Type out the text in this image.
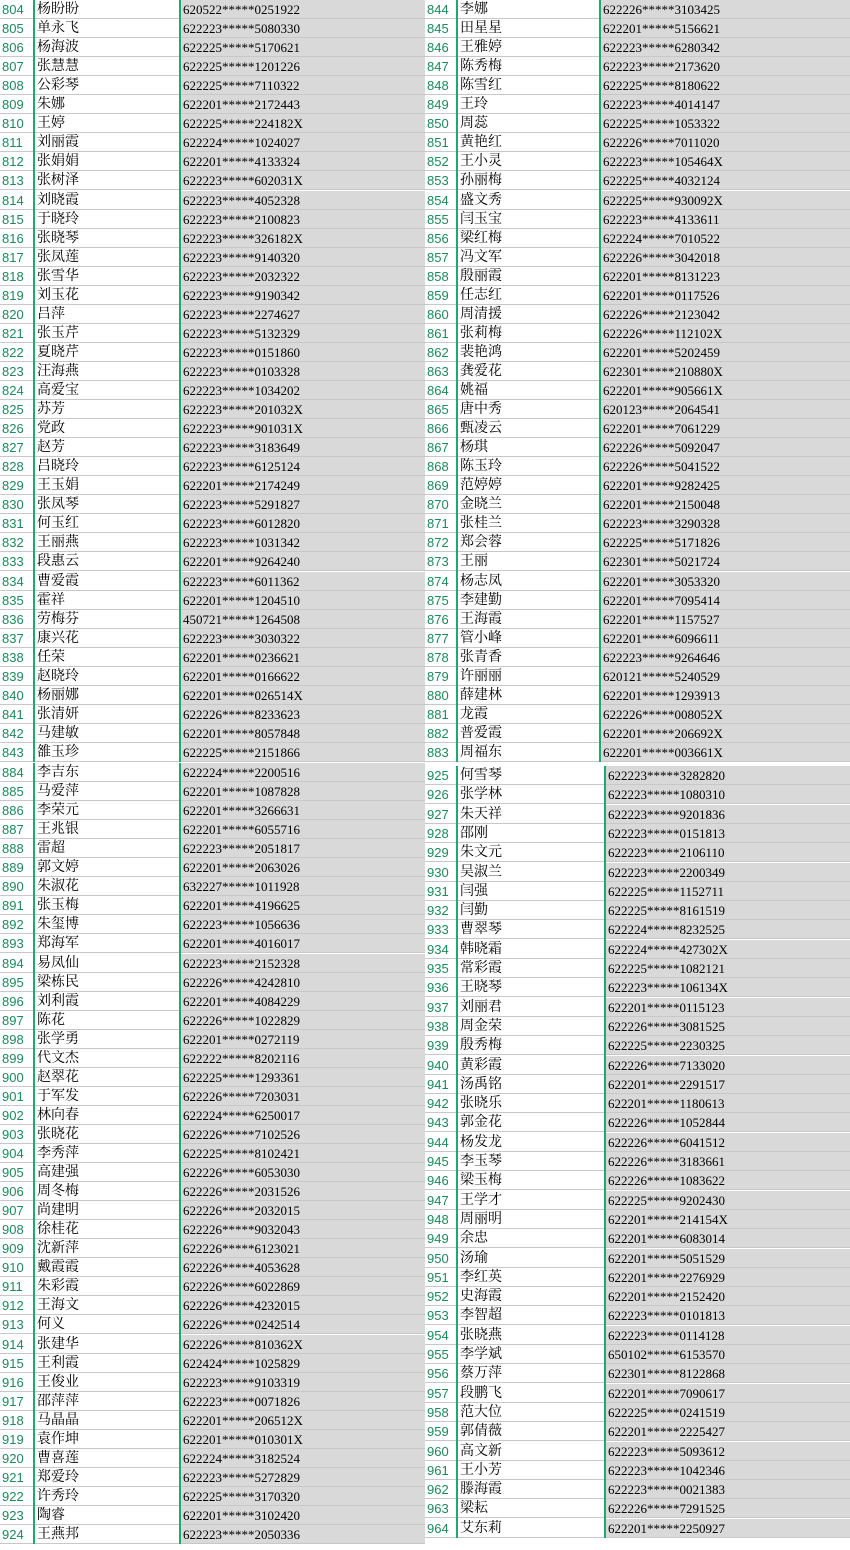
804 杨盼盼	620522*****0251922
805 单永飞	622223*****5080330
806 杨海波	622225*****5170621
807 张慧慧	622225*****1201226
808 公彩琴	622225*****7110322
809 朱娜	622201*****2172443
810 王婷	622225*****224182X
811	刘丽霞	622224*****1024027
812 张娟娟	622201*****4133324
813 张树泽	622223*****602031X
814 刘晓霞	622223*****4052328
815 于晓玲	622223*****2100823
816 张晓琴	622223*****326182X
817 张凤莲	622223*****9140320
818 张雪华	622223*****2032322
819 刘玉花	622223*****9190342
820 吕萍	622223*****2274627
821 张玉芹	622223*****5132329
822 夏晓芹	622223*****0151860
823 汪海燕	622223*****0103328
824 高爱宝	622223*****1034202
825 苏芳	622223*****201032X
826 党政	622223*****901031X
827 赵芳	622223*****3183649
828 吕晓玲	622223*****6125124
829 王玉娟	622201*****2174249
830 张凤琴	622223*****5291827
831 何玉红	622223*****6012820
832 王丽燕	622223*****1031342
833 段惠云	622201*****9264240
834 曹爱霞	622223*****6011362
835 霍祥	622201*****1204510
836 劳梅芬	450721*****1264508
837 康兴花	622223*****3030322
838 任荣	622201*****0236621
839 赵晓玲	622201*****0166622
840 杨丽娜	622201*****026514X
841 张清妍	622226*****8233623
842 马建敏	622201*****8057848
843 雒玉珍	622225*****2151866
844 李娜	622226*****3103425
845 田星星	622201*****5156621
846 王雅婷	622223*****6280342
847 陈秀梅	622223*****2173620
848 陈雪红	622225*****8180622
849 王玲	622223*****4014147
850 周蕊	622225*****1053322
851 黄艳红	622226*****7011020
852 王小灵	622223*****105464X
853 孙丽梅	622225*****4032124
854 盛文秀	622225*****930092X
855 闫玉宝	622223*****4133611
856 梁红梅	622224*****7010522
857 冯文军	622226*****3042018
858 殷丽霞	622201*****8131223
859 任志红	622201*****0117526
860 周清援	622226*****2123042
861 张莉梅	622226*****112102X
862 裴艳鸿	622201*****5202459
863 龚爱花	622301*****210880X
864 姚福	622201*****905661X
865 唐中秀	620123*****2064541
866 甄凌云	622201*****7061229
867 杨琪	622226*****5092047
868 陈玉玲	622226*****5041522
869 范婷婷	622201*****9282425
870 金晓兰	622201*****2150048
871 张桂兰	622223*****3290328
872 郑会蓉	622225*****5171826
873 王丽	622301*****5021724
874 杨志凤	622201*****3053320
875 李建勤	622201*****7095414
876 王海霞	622201*****1157527
877 管小峰	622201*****6096611
878 张青香	622223*****9264646
879 许丽丽	620121*****5240529
880 薛建林	622201*****1293913
881 龙霞	622226*****008052X
882 普爱霞	622201*****206692X
883 周福东	622201*****003661X
884 李吉东	622224*****2200516
885 马爱萍	622201*****1087828
886 李荣元	622201*****3266631
887 王兆银	622201*****6055716
888 雷超	622223*****2051817
889 郭文婷	622201*****2063026
890 朱淑花	632227*****1011928
891 张玉梅	622201*****4196625
892 朱玺博	622223*****1056636
893 郑海军	622201*****4016017
894 易凤仙	622223*****2152328
895 梁栋民	622226*****4242810
896 刘利霞	622201*****4084229
897 陈花	622226*****1022829
898 张学勇	622201*****0272119
899 代文杰	622222*****8202116
900 赵翠花	622225*****1293361
901 于军发	622226*****7203031
902 林向春	622224*****6250017
903 张晓花	622226*****7102526
904 李秀萍	622225*****8102421
905 高建强	622226*****6053030
906 周冬梅	622226*****2031526
907 尚建明	622226*****2032015
908 徐桂花	622226*****9032043
909 沈新萍	622226*****6123021
910 戴霞霞	622226*****4053628
911	朱彩霞	622226*****6022869
912 王海文	622226*****4232015
913 何义	622226*****0242514
914 张建华	622226*****810362X
915 王利霞	622424*****1025829
916 王俊业	622223*****9103319
917 邵萍萍	622223*****0071826
918 马晶晶	622201*****206512X
919 袁作坤	622201*****010301X
920 曹喜莲	622224*****3182524
921 郑爱玲	622223*****5272829
922 许秀玲	622225*****3170320
923 陶睿	622201*****3102420
924 王燕邦	622223*****2050336
925 何雪琴	622223*****3282820
926 张学林	622223*****1080310
927 朱天祥	622223*****9201836
928 邵刚	622223*****0151813
929 朱文元	622223*****2106110
930 吴淑兰	622223*****2200349
931 闫强	622225*****1152711
932 闫勤	622225*****8161519
933 曹翠琴	622224*****8232525
934 韩晓霜	622224*****427302X
935 常彩霞	622225*****1082121
936 王晓琴	622223*****106134X
937 刘丽君	622201*****0115123
938 周金荣	622226*****3081525
939 殷秀梅	622225*****2230325
940 黄彩霞	622226*****7133020
941 汤禹铭	622201*****2291517
942 张晓乐	622201*****1180613
943 郭金花	622226*****1052844
944 杨发龙	622226*****6041512
945 李玉琴	622226*****3183661
946 梁玉梅	622226*****1083622
947 王学才	622225*****9202430
948 周丽明	622201*****214154X
949 余忠	622201*****6083014
950 汤瑜	622201*****5051529
951 李红英	622201*****2276929
952 史海霞	622201*****2152420
953 李智超	622223*****0101813
954 张晓燕	622223*****0114128
955 李学斌	650102*****6153570
956 蔡万萍	622301*****8122868
957 段鹏飞	622201*****7090617
958 范大位	622225*****0241519
959 郭倩薇	622201*****2225427
960 高文新	622223*****5093612
961 王小芳	622223*****1042346
962 滕海霞	622223*****0021383
963 梁耘	622226*****7291525
964 艾东莉	622201*****2250927
